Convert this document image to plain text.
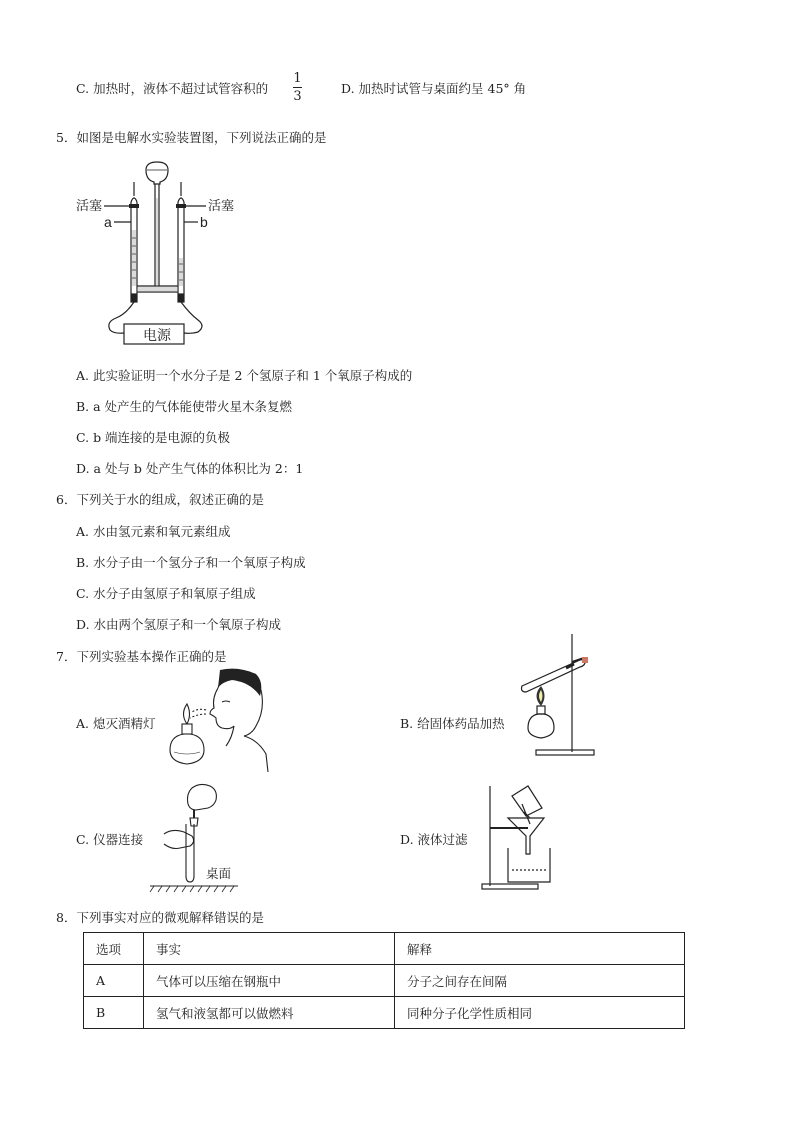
C. 加热时，液体不超过试管容积的
1
3
D. 加热时试管与桌面约呈 45° 角
5．如图是电解水实验装置图，下列说法正确的是
活塞	活塞
a	b
电源
A. 此实验证明一个水分子是 2 个氢原子和 1 个氧原子构成的
B. a 处产生的气体能使带火星木条复燃
C. b 端连接的是电源的负极
D. a 处与 b 处产生气体的体积比为 2：1
6．下列关于水的组成，叙述正确的是
A. 水由氢元素和氧元素组成
B. 水分子由一个氢分子和一个氧原子构成
C. 水分子由氢原子和氧原子组成
D. 水由两个氢原子和一个氧原子构成
7．下列实验基本操作正确的是
A. 熄灭酒精灯	B. 给固体药品加热
C. 仪器连接
桌面
D. 液体过滤
8．下列事实对应的微观解释错误的是
选项	事实	解释
A	气体可以压缩在钢瓶中	分子之间存在间隔
B	氢气和液氢都可以做燃料	同种分子化学性质相同
